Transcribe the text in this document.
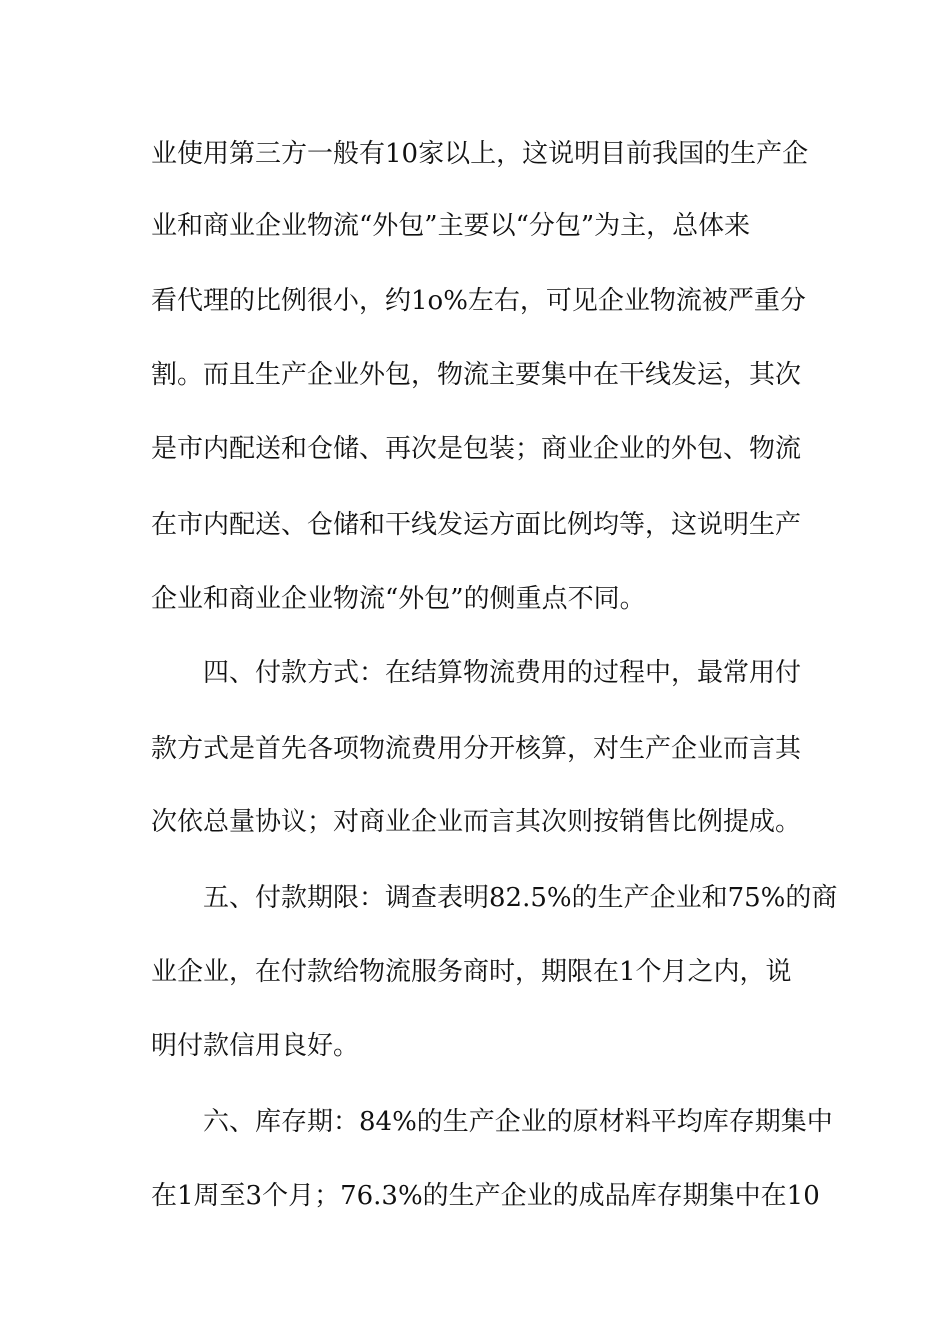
业使用第三方一般有10家以上，这说明目前我国的生产企
业和商业企业物流“外包”主要以“分包”为主，总体来
看代理的比例很小，约1o%左右，可见企业物流被严重分
割。而且生产企业外包，物流主要集中在干线发运，其次
是市内配送和仓储、再次是包装；商业企业的外包、物流
在市内配送、仓储和干线发运方面比例均等，这说明生产
企业和商业企业物流“外包”的侧重点不同。
四、付款方式：在结算物流费用的过程中，最常用付
款方式是首先各项物流费用分开核算，对生产企业而言其
次依总量协议；对商业企业而言其次则按销售比例提成。
五、付款期限：调查表明82.5%的生产企业和75%的商
业企业，在付款给物流服务商时，期限在1个月之内，说
明付款信用良好。
六、库存期：84%的生产企业的原材料平均库存期集中
在1周至3个月；76.3%的生产企业的成品库存期集中在10
